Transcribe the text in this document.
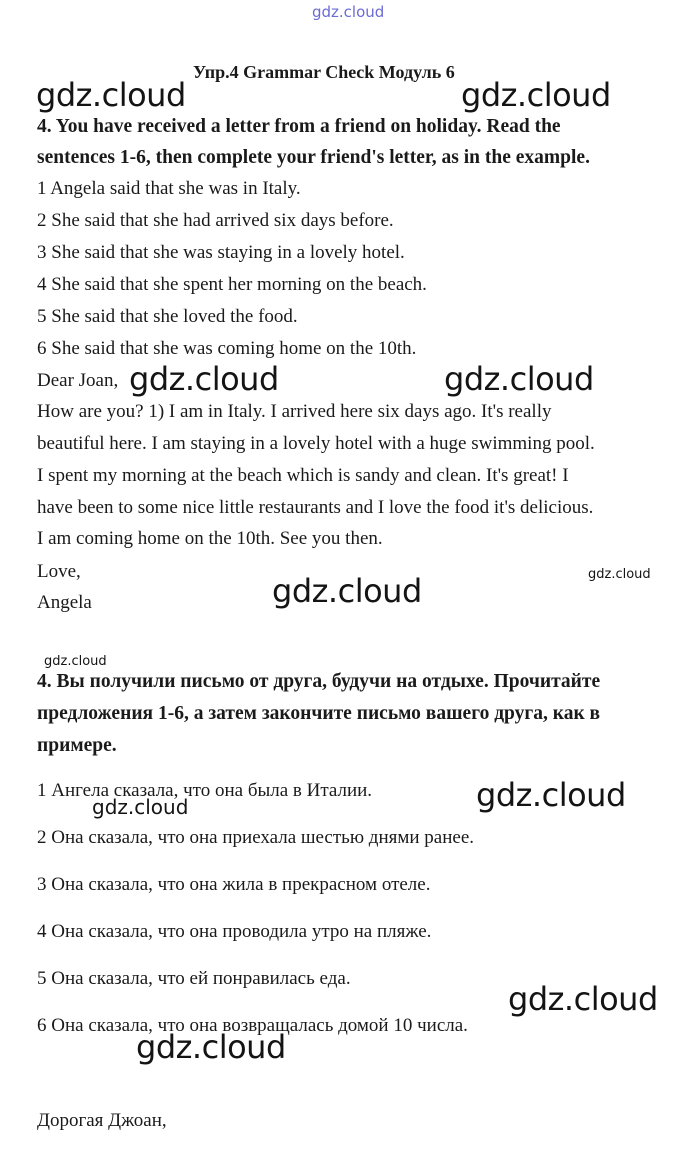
gdz.cloud
Упр.4 Grammar Check Модуль 6
4. You have received a letter from a friend on holiday. Read the
sentences 1-6, then complete your friend's letter, as in the example.
1 Angela said that she was in Italy.
2 She said that she had arrived six days before.
3 She said that she was staying in a lovely hotel.
4 She said that she spent her morning on the beach.
5 She said that she loved the food.
6 She said that she was coming home on the 10th.
Dear Joan,
How are you? 1) I am in Italy. I arrived here six days ago. It's really
beautiful here. I am staying in a lovely hotel with a huge swimming pool.
I spent my morning at the beach which is sandy and clean. It's great! I
have been to some nice little restaurants and I love the food it's delicious.
I am coming home on the 10th. See you then.
Love,
Angela
4. Вы получили письмо от друга, будучи на отдыхе. Прочитайте
предложения 1-6, а затем закончите письмо вашего друга, как в
примере.
1 Ангела сказала, что она была в Италии.
2 Она сказала, что она приехала шестью днями ранее.
3 Она сказала, что она жила в прекрасном отеле.
4 Она сказала, что она проводила утро на пляже.
5 Она сказала, что ей понравилась еда.
6 Она сказала, что она возвращалась домой 10 числа.
Дорогая Джоан,
gdz.cloud	gdz.cloud
gdz.cloud	gdz.cloud
gdz.cloud
gdz.cloud
gdz.cloud
gdz.cloud
gdz.cloud
gdz.cloud
gdz.cloud
